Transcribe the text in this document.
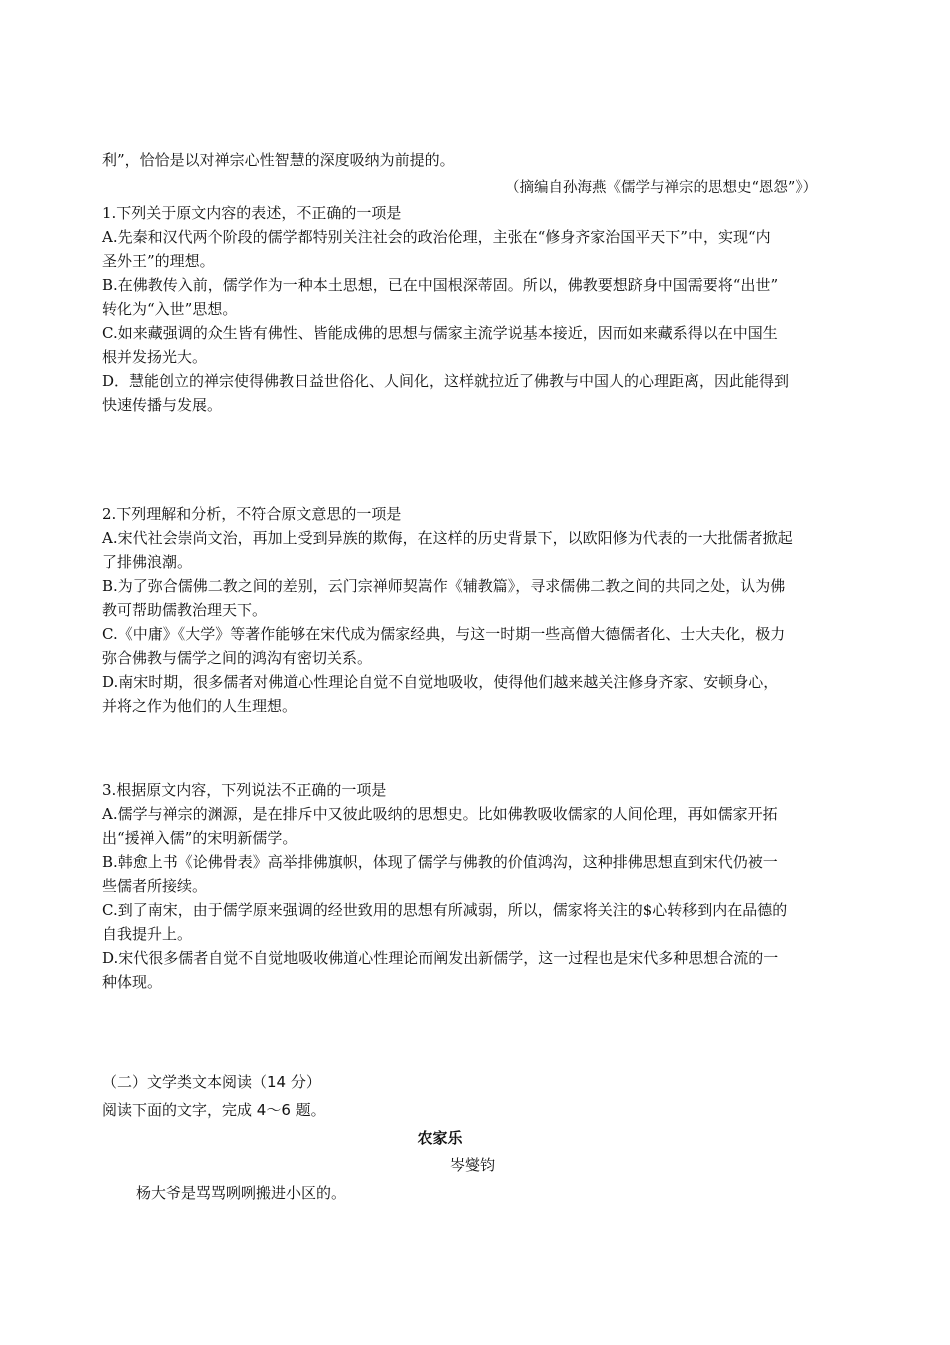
利”，恰恰是以对禅宗心性智慧的深度吸纳为前提的。
（摘编自孙海燕《儒学与禅宗的思想史“恩怨”》）
1.下列关于原文内容的表述，不正确的一项是
A.先秦和汉代两个阶段的儒学都特别关注社会的政治伦理，主张在“修身齐家治国平天下”中，实现“内
圣外王”的理想。
B.在佛教传入前，儒学作为一种本土思想，已在中国根深蒂固。所以，佛教要想跻身中国需要将“出世”
转化为“入世”思想。
C.如来藏强调的众生皆有佛性、皆能成佛的思想与儒家主流学说基本接近，因而如来藏系得以在中国生
根并发扬光大。
D．慧能创立的禅宗使得佛教日益世俗化、人间化，这样就拉近了佛教与中国人的心理距离，因此能得到
快速传播与发展。
2.下列理解和分析，不符合原文意思的一项是
A.宋代社会崇尚文治，再加上受到异族的欺侮，在这样的历史背景下，以欧阳修为代表的一大批儒者掀起
了排佛浪潮。
B.为了弥合儒佛二教之间的差别，云门宗禅师契嵩作《辅教篇》，寻求儒佛二教之间的共同之处，认为佛
教可帮助儒教治理天下。
C.《中庸》《大学》等著作能够在宋代成为儒家经典，与这一时期一些高僧大德儒者化、士大夫化，极力
弥合佛教与儒学之间的鸿沟有密切关系。
D.南宋时期，很多儒者对佛道心性理论自觉不自觉地吸收，使得他们越来越关注修身齐家、安顿身心，
并将之作为他们的人生理想。
3.根据原文内容，下列说法不正确的一项是
A.儒学与禅宗的渊源，是在排斥中又彼此吸纳的思想史。比如佛教吸收儒家的人间伦理，再如儒家开拓
出“援禅入儒”的宋明新儒学。
B.韩愈上书《论佛骨表》高举排佛旗帜，体现了儒学与佛教的价值鸿沟，这种排佛思想直到宋代仍被一
些儒者所接续。
C.到了南宋，由于儒学原来强调的经世致用的思想有所减弱，所以，儒家将关注的$心转移到内在品德的
自我提升上。
D.宋代很多儒者自觉不自觉地吸收佛道心性理论而阐发出新儒学，这一过程也是宋代多种思想合流的一
种体现。
（二）文学类文本阅读（14 分）
阅读下面的文字，完成 4～6 题。
农家乐
岑燮钧
杨大爷是骂骂咧咧搬进小区的。
